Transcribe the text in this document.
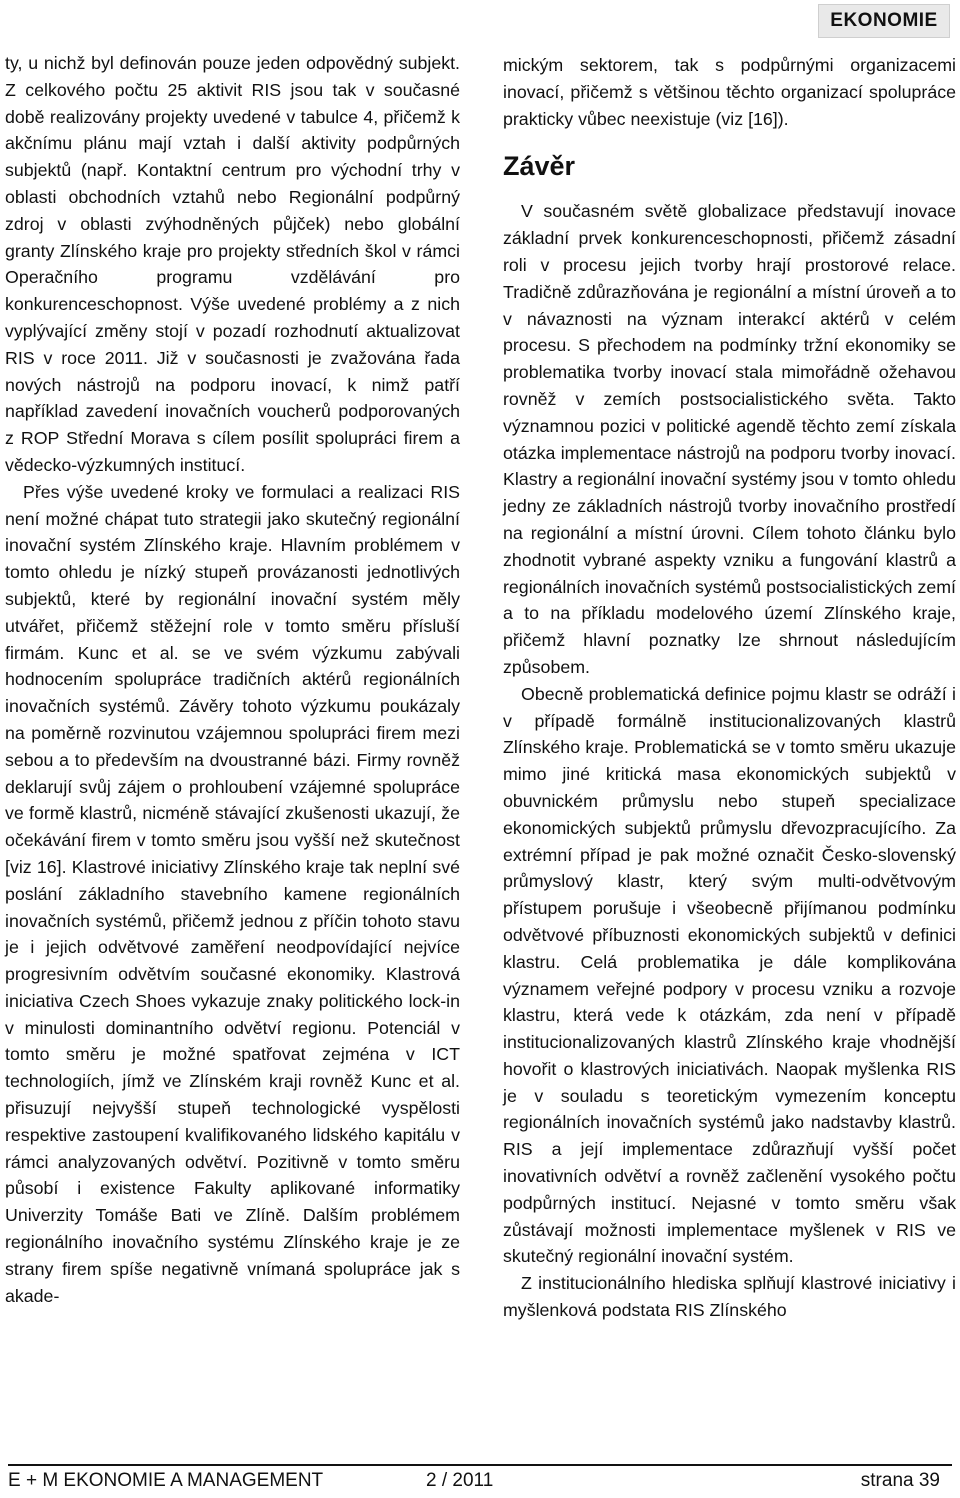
EKONOMIE

ty, u nichž byl definován pouze jeden odpovědný subjekt. Z celkového počtu 25 aktivit RIS jsou tak v současné době realizovány projekty uvedené v tabulce 4, přičemž k akčnímu plánu mají vztah i další aktivity podpůrných subjektů (např. Kontaktní centrum pro východní trhy v oblasti obchodních vztahů nebo Regionální podpůrný zdroj v oblasti zvýhodněných půjček) nebo globální granty Zlínského kraje pro projekty středních škol v rámci Operačního programu vzdělávání pro konkurenceschopnost. Výše uvedené problémy a z nich vyplývající změny stojí v pozadí rozhodnutí aktualizovat RIS v roce 2011. Již v současnosti je zvažována řada nových nástrojů na podporu inovací, k nimž patří například zavedení inovačních voucherů podporovaných z ROP Střední Morava s cílem posílit spolupráci firem a vědecko-výzkumných institucí.

Přes výše uvedené kroky ve formulaci a realizaci RIS není možné chápat tuto strategii jako skutečný regionální inovační systém Zlínského kraje. Hlavním problémem v tomto ohledu je nízký stupeň provázanosti jednotlivých subjektů, které by regionální inovační systém měly utvářet, přičemž stěžejní role v tomto směru přísluší firmám. Kunc et al. se ve svém výzkumu zabývali hodnocením spolupráce tradičních aktérů regionálních inovačních systémů. Závěry tohoto výzkumu poukázaly na poměrně rozvinutou vzájemnou spolupráci firem mezi sebou a to především na dvoustranné bázi. Firmy rovněž deklarují svůj zájem o prohloubení vzájemné spolupráce ve formě klastrů, nicméně stávající zkušenosti ukazují, že očekávání firem v tomto směru jsou vyšší než skutečnost [viz 16]. Klastrové iniciativy Zlínského kraje tak neplní své poslání základního stavebního kamene regionálních inovačních systémů, přičemž jednou z příčin tohoto stavu je i jejich odvětvové zaměření neodpovídající nejvíce progresivním odvětvím současné ekonomiky. Klastrová iniciativa Czech Shoes vykazuje znaky politického lock-in v minulosti dominantního odvětví regionu. Potenciál v tomto směru je možné spatřovat zejména v ICT technologiích, jímž ve Zlínském kraji rovněž Kunc et al. přisuzují nejvyšší stupeň technologické vyspělosti respektive zastoupení kvalifikovaného lidského kapitálu v rámci analyzovaných odvětví. Pozitivně v tomto směru působí i existence Fakulty aplikované informatiky Univerzity Tomáše Bati ve Zlíně. Dalším problémem regionálního inovačního systému Zlínského kraje je ze strany firem spíše negativně vnímaná spolupráce jak s akade-

mickým sektorem, tak s podpůrnými organizacemi inovací, přičemž s většinou těchto organizací spolupráce prakticky vůbec neexistuje (viz [16]).

Závěr

V současném světě globalizace představují inovace základní prvek konkurenceschopnosti, přičemž zásadní roli v procesu jejich tvorby hrají prostorové relace. Tradičně zdůrazňována je regionální a místní úroveň a to v návaznosti na význam interakcí aktérů v celém procesu. S přechodem na podmínky tržní ekonomiky se problematika tvorby inovací stala mimořádně ožehavou rovněž v zemích postsocialistického světa. Takto významnou pozici v politické agendě těchto zemí získala otázka implementace nástrojů na podporu tvorby inovací. Klastry a regionální inovační systémy jsou v tomto ohledu jedny ze základních nástrojů tvorby inovačního prostředí na regionální a místní úrovni. Cílem tohoto článku bylo zhodnotit vybrané aspekty vzniku a fungování klastrů a regionálních inovačních systémů postsocialistických zemí a to na příkladu modelového území Zlínského kraje, přičemž hlavní poznatky lze shrnout následujícím způsobem.

Obecně problematická definice pojmu klastr se odráží i v případě formálně institucionalizovaných klastrů Zlínského kraje. Problematická se v tomto směru ukazuje mimo jiné kritická masa ekonomických subjektů v obuvnickém průmyslu nebo stupeň specializace ekonomických subjektů průmyslu dřevozpracujícího. Za extrémní případ je pak možné označit Česko-slovenský průmyslový klastr, který svým multi-odvětvovým přístupem porušuje i všeobecně přijímanou podmínku odvětvové příbuznosti ekonomických subjektů v definici klastru. Celá problematika je dále komplikována významem veřejné podpory v procesu vzniku a rozvoje klastru, která vede k otázkám, zda není v případě institucionalizovaných klastrů Zlínského kraje vhodnější hovořit o klastrových iniciativách. Naopak myšlenka RIS je v souladu s teoretickým vymezením konceptu regionálních inovačních systémů jako nadstavby klastrů. RIS a její implementace zdůrazňují vyšší počet inovativních odvětví a rovněž začlenění vysokého počtu podpůrných institucí. Nejasné v tomto směru však zůstávají možnosti implementace myšlenek v RIS ve skutečný regionální inovační systém.

Z institucionálního hlediska splňují klastrové iniciativy i myšlenková podstata RIS Zlínského

E + M EKONOMIE A MANAGEMENT	2 / 2011	strana 39
